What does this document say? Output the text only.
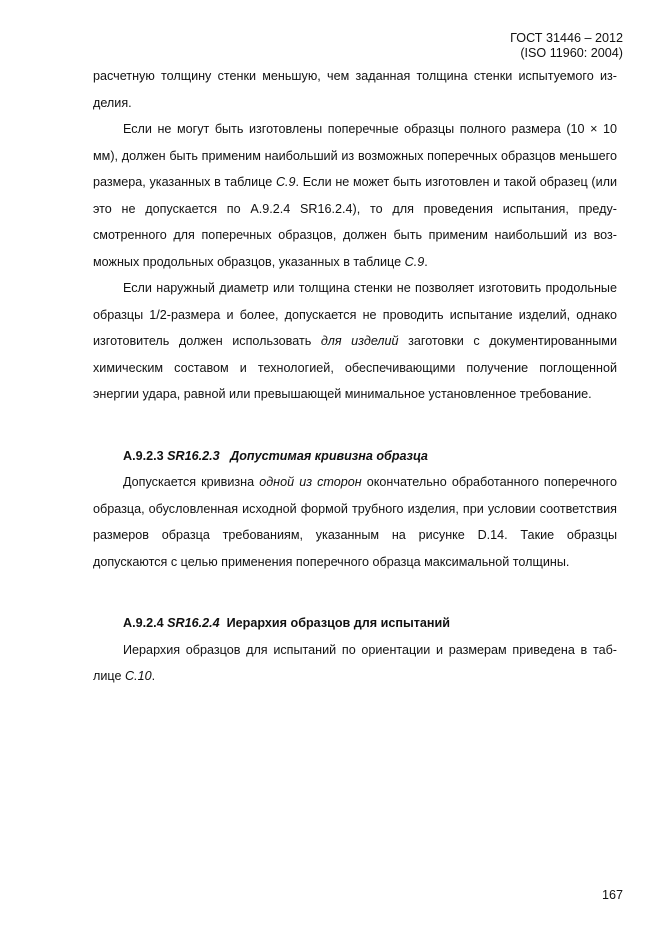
ГОСТ 31446 – 2012
(ISO 11960: 2004)

расчетную толщину стенки меньшую, чем заданная толщина стенки испытуемого изделия.

Если не могут быть изготовлены поперечные образцы полного размера (10 × 10 мм), должен быть применим наибольший из возможных поперечных образцов меньшего размера, указанных в таблице С.9. Если не может быть изготовлен и такой образец (или это не допускается по А.9.2.4 SR16.2.4), то для проведения испытания, предусмотренного для поперечных образцов, должен быть применим наибольший из возможных продольных образцов, указанных в таблице С.9.

Если наружный диаметр или толщина стенки не позволяет изготовить продольные образцы 1/2-размера и более, допускается не проводить испытание изделий, однако изготовитель должен использовать для изделий заготовки с документированными химическим составом и технологией, обеспечивающими получение поглощенной энергии удара, равной или превышающей минимальное установленное требование.

А.9.2.3 SR16.2.3 Допустимая кривизна образца

Допускается кривизна одной из сторон окончательно обработанного поперечного образца, обусловленная исходной формой трубного изделия, при условии соответствия размеров образца требованиям, указанным на рисунке D.14. Такие образцы допускаются с целью применения поперечного образца максимальной толщины.

А.9.2.4 SR16.2.4 Иерархия образцов для испытаний

Иерархия образцов для испытаний по ориентации и размерам приведена в таблице С.10.

167
